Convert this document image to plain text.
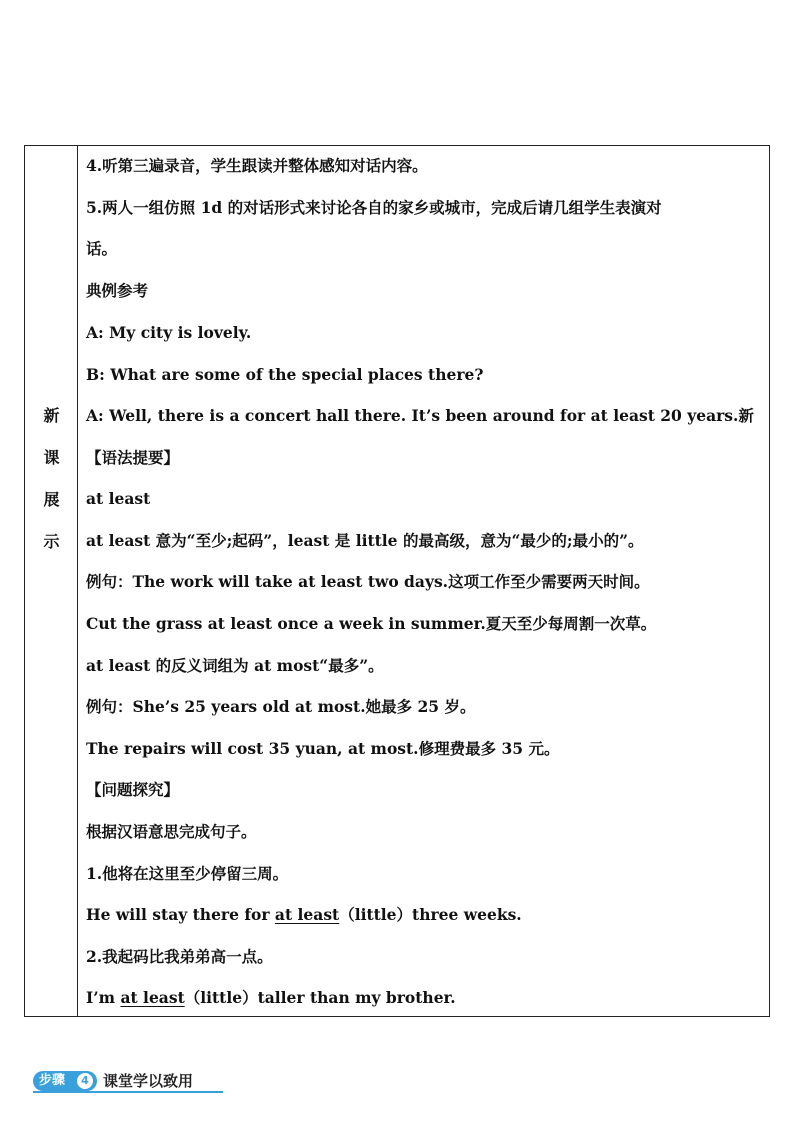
新
课
展
示
4.听第三遍录音，学生跟读并整体感知对话内容。
5.两人一组仿照 1d 的对话形式来讨论各自的家乡或城市，完成后请几组学生表演对
话。
典例参考
A: My city is lovely.
B: What are some of the special places there?
A: Well, there is a concert hall there. It’s been around for at least 20 years.新
【语法提要】
at least
at least 意为“至少;起码”，least 是 little 的最高级，意为“最少的;最小的”。
例句：The work will take at least two days.这项工作至少需要两天时间。
Cut the grass at least once a week in summer.夏天至少每周割一次草。
at least 的反义词组为 at most“最多”。
例句：She’s 25 years old at most.她最多 25 岁。
The repairs will cost 35 yuan, at most.修理费最多 35 元。
【问题探究】
根据汉语意思完成句子。
1.他将在这里至少停留三周。
He will stay there for at least（little）three weeks.
2.我起码比我弟弟高一点。
I’m at least（little）taller than my brother.
步骤	4 课堂学以致用
